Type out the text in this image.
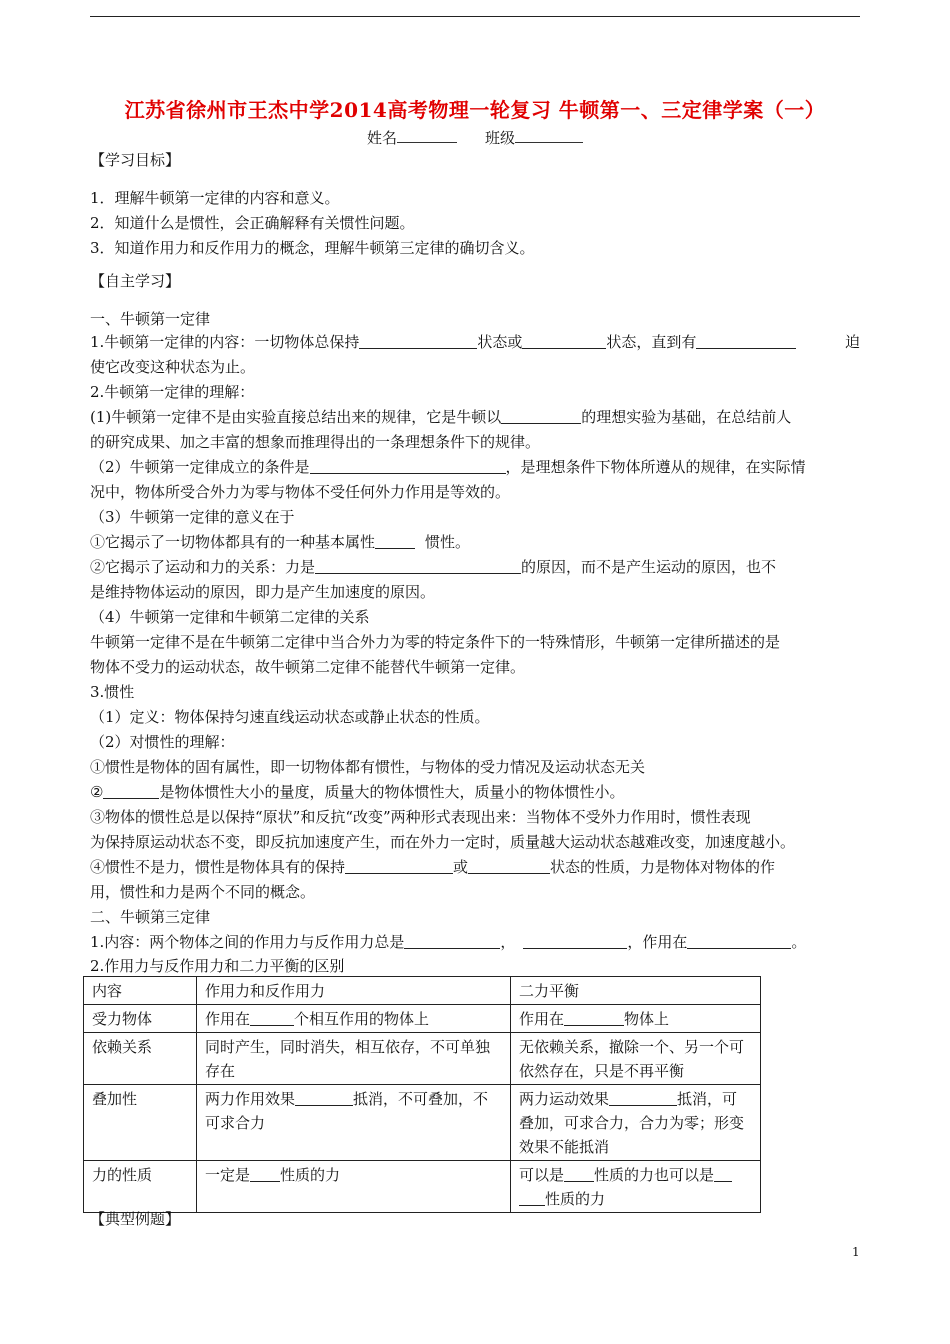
江苏省徐州市王杰中学2014高考物理一轮复习 牛顿第一、三定律学案（一）
姓名	班级
【学习目标】
1．理解牛顿第一定律的内容和意义。
2．知道什么是惯性，会正确解释有关惯性问题。
3．知道作用力和反作用力的概念，理解牛顿第三定律的确切含义。
【自主学习】
一、牛顿第一定律
1.牛顿第一定律的内容：一切物体总保持	状态或	状态，直到有	迫
使它改变这种状态为止。
2.牛顿第一定律的理解：
(1)牛顿第一定律不是由实验直接总结出来的规律，它是牛顿以	的理想实验为基础，在总结前人
的研究成果、加之丰富的想象而推理得出的一条理想条件下的规律。
（2）牛顿第一定律成立的条件是	，是理想条件下物体所遵从的规律，在实际情
况中，物体所受合外力为零与物体不受任何外力作用是等效的。
（3）牛顿第一定律的意义在于
①它揭示了一切物体都具有的一种基本属性	惯性。
②它揭示了运动和力的关系：力是	的原因，而不是产生运动的原因，也不
是维持物体运动的原因，即力是产生加速度的原因。
（4）牛顿第一定律和牛顿第二定律的关系
牛顿第一定律不是在牛顿第二定律中当合外力为零的特定条件下的一特殊情形，牛顿第一定律所描述的是
物体不受力的运动状态，故牛顿第二定律不能替代牛顿第一定律。
3.惯性
（1）定义：物体保持匀速直线运动状态或静止状态的性质。
（2）对惯性的理解：
①惯性是物体的固有属性，即一切物体都有惯性，与物体的受力情况及运动状态无关
②	是物体惯性大小的量度，质量大的物体惯性大，质量小的物体惯性小。
③物体的惯性总是以保持“原状”和反抗“改变”两种形式表现出来：当物体不受外力作用时，惯性表现
为保持原运动状态不变，即反抗加速度产生，而在外力一定时，质量越大运动状态越难改变，加速度越小。
④惯性不是力，惯性是物体具有的保持	或	状态的性质，力是物体对物体的作
用，惯性和力是两个不同的概念。
二、牛顿第三定律
1.内容：两个物体之间的作用力与反作用力总是	，	，作用在	。
2.作用力与反作用力和二力平衡的区别
内容	作用力和反作用力	二力平衡
受力物体	作用在 个相互作用的物体上	作用在 物体上
依赖关系	同时产生，同时消失，相互依存，不可单独存在	无依赖关系，撤除一个、另一个可依然存在，只是不再平衡
叠加性	两力作用效果 抵消，不可叠加，不可求合力	两力运动效果 抵消，可叠加，可求合力，合力为零；形变效果不能抵消
力的性质	一定是 性质的力	可以是 性质的力也可以是性质的力
【典型例题】
1
